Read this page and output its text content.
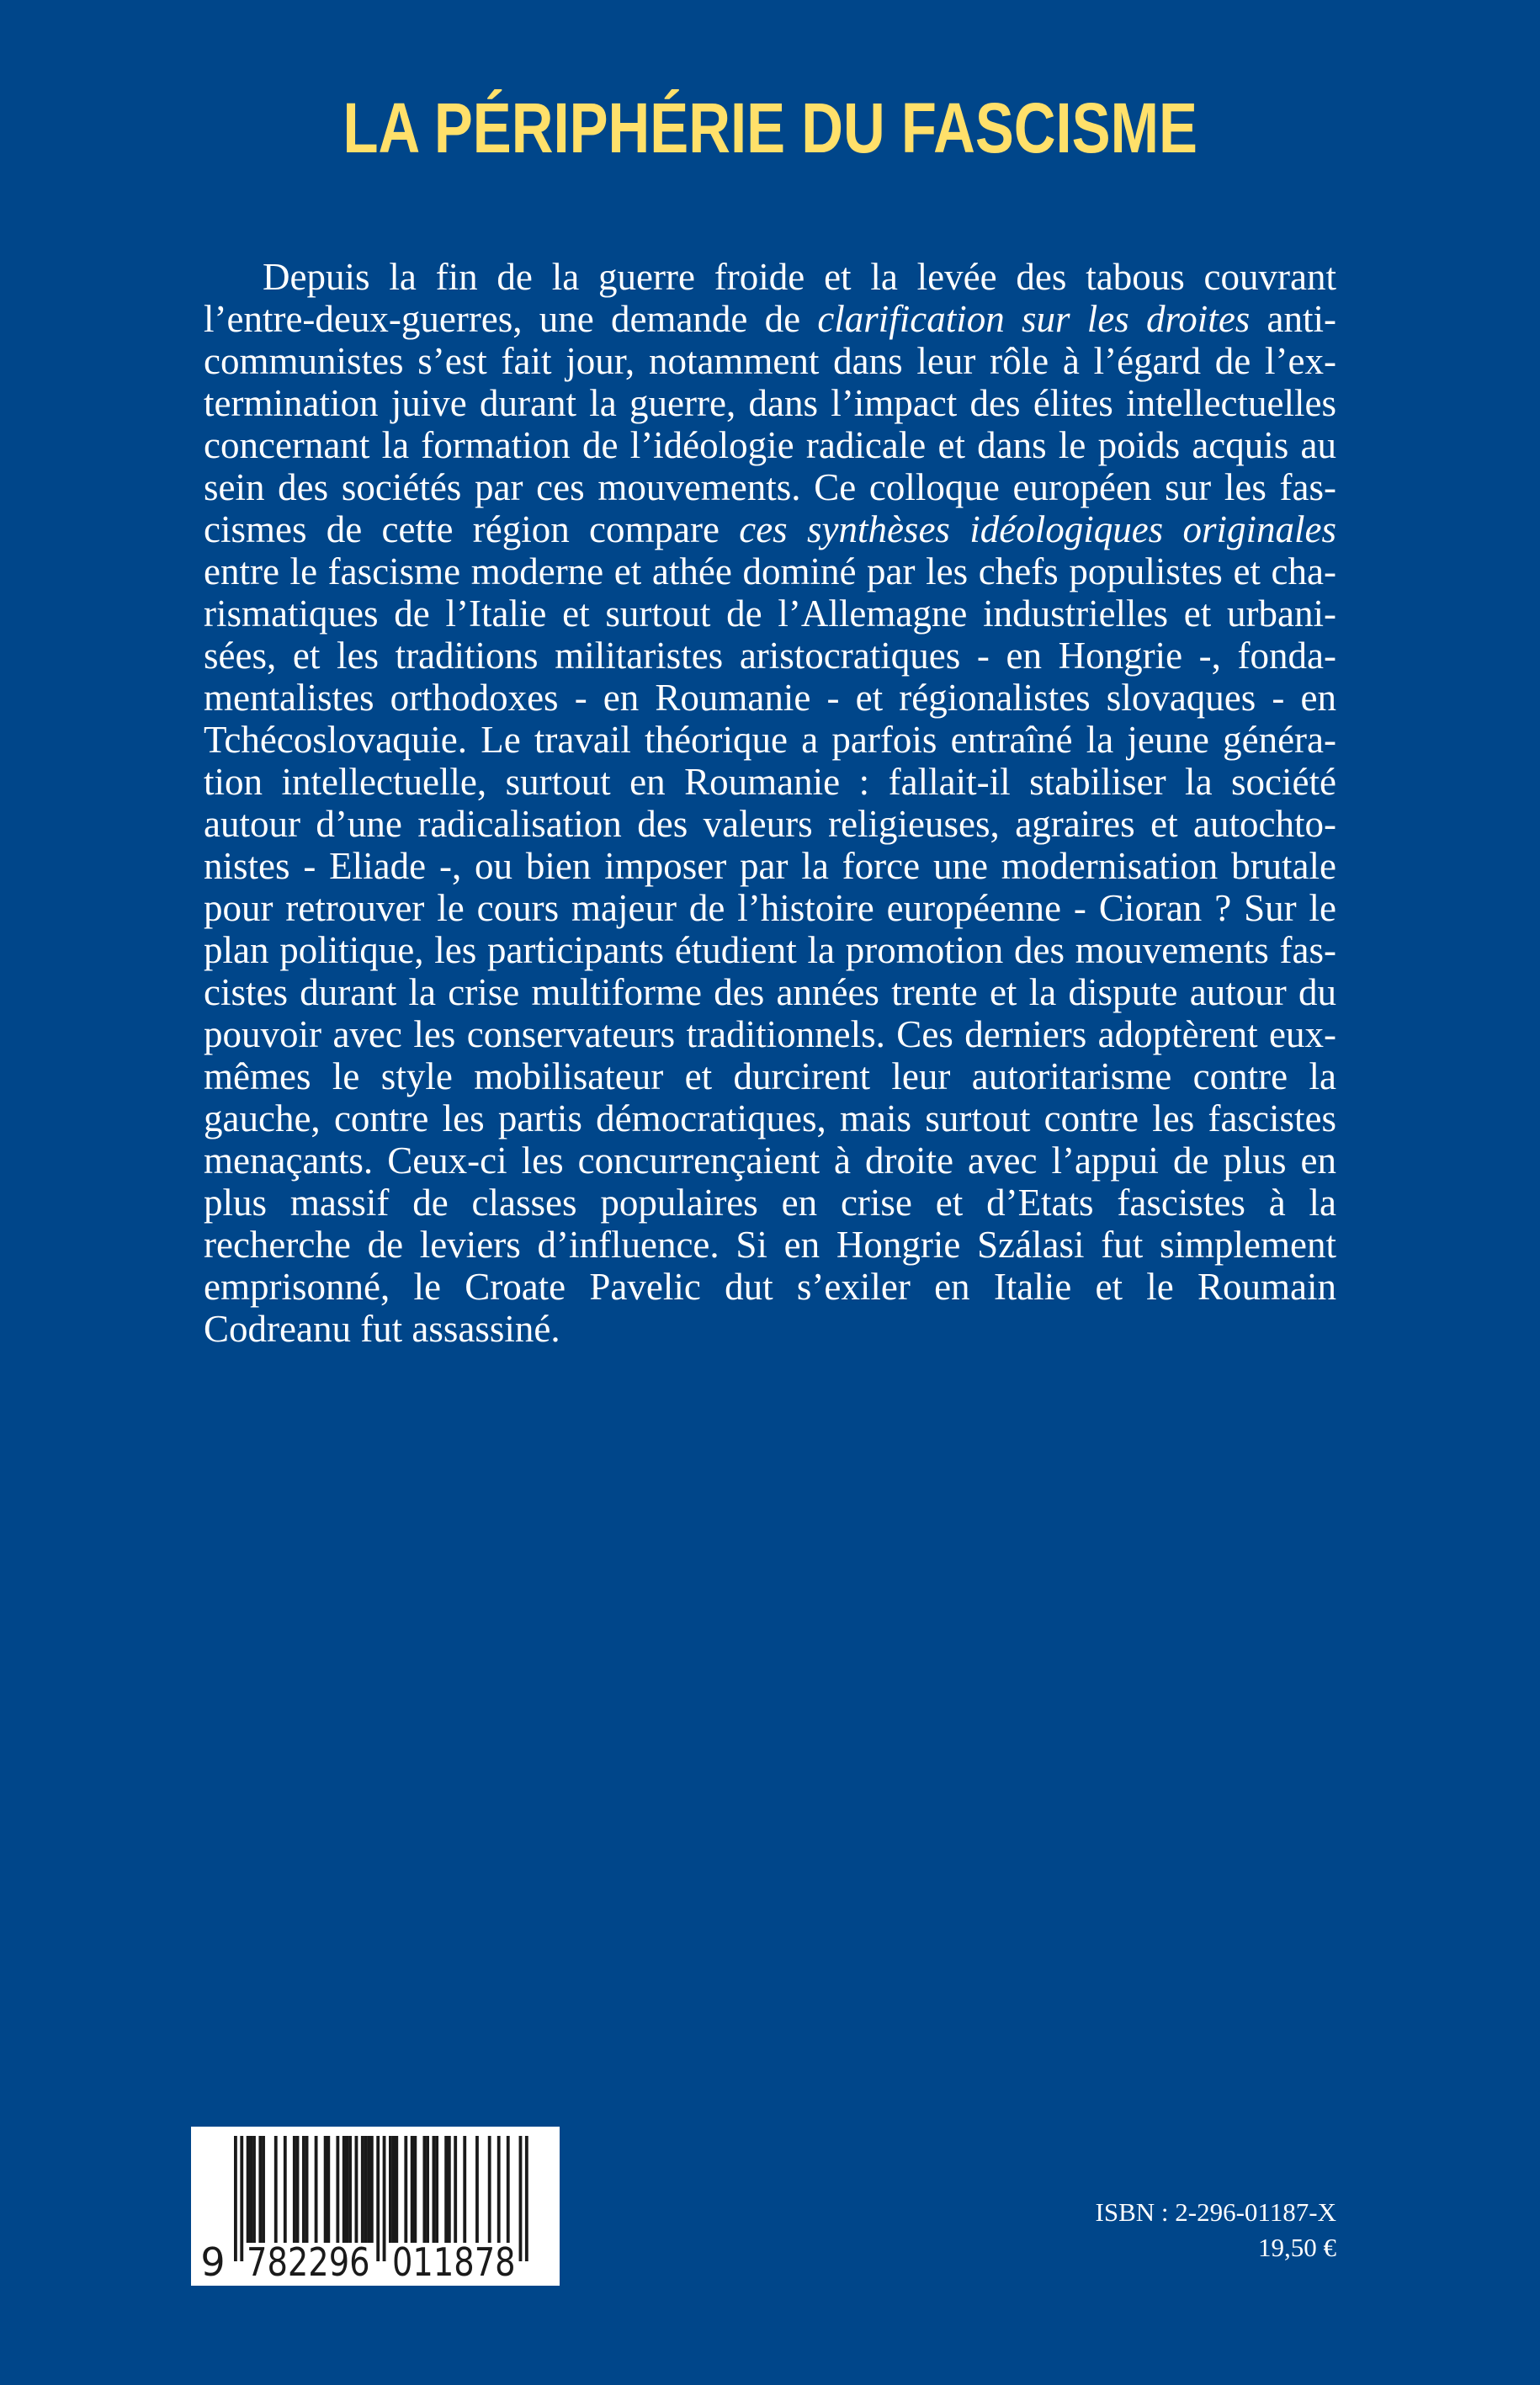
LA PÉRIPHÉRIE DU FASCISME
Depuis la fin de la guerre froide et la levée des tabous couvrant
l’entre-deux-guerres, une demande de clarification sur les droites anti-
communistes s’est fait jour, notamment dans leur rôle à l’égard de l’ex-
termination juive durant la guerre, dans l’impact des élites intellectuelles
concernant la formation de l’idéologie radicale et dans le poids acquis au
sein des sociétés par ces mouvements. Ce colloque européen sur les fas-
cismes de cette région compare ces synthèses idéologiques originales
entre le fascisme moderne et athée dominé par les chefs populistes et cha-
rismatiques de l’Italie et surtout de l’Allemagne industrielles et urbani-
sées, et les traditions militaristes aristocratiques - en Hongrie -, fonda-
mentalistes orthodoxes - en Roumanie - et régionalistes slovaques - en
Tchécoslovaquie. Le travail théorique a parfois entraîné la jeune généra-
tion intellectuelle, surtout en Roumanie : fallait-il stabiliser la société
autour d’une radicalisation des valeurs religieuses, agraires et autochto-
nistes - Eliade -, ou bien imposer par la force une modernisation brutale
pour retrouver le cours majeur de l’histoire européenne - Cioran ? Sur le
plan politique, les participants étudient la promotion des mouvements fas-
cistes durant la crise multiforme des années trente et la dispute autour du
pouvoir avec les conservateurs traditionnels. Ces derniers adoptèrent eux-
mêmes le style mobilisateur et durcirent leur autoritarisme contre la
gauche, contre les partis démocratiques, mais surtout contre les fascistes
menaçants. Ceux-ci les concurrençaient à droite avec l’appui de plus en
plus massif de classes populaires en crise et d’Etats fascistes à la
recherche de leviers d’influence. Si en Hongrie Szálasi fut simplement
emprisonné, le Croate Pavelic dut s’exiler en Italie et le Roumain
Codreanu fut assassiné.
9 782296 011878
ISBN : 2-296-01187-X
19,50 €
